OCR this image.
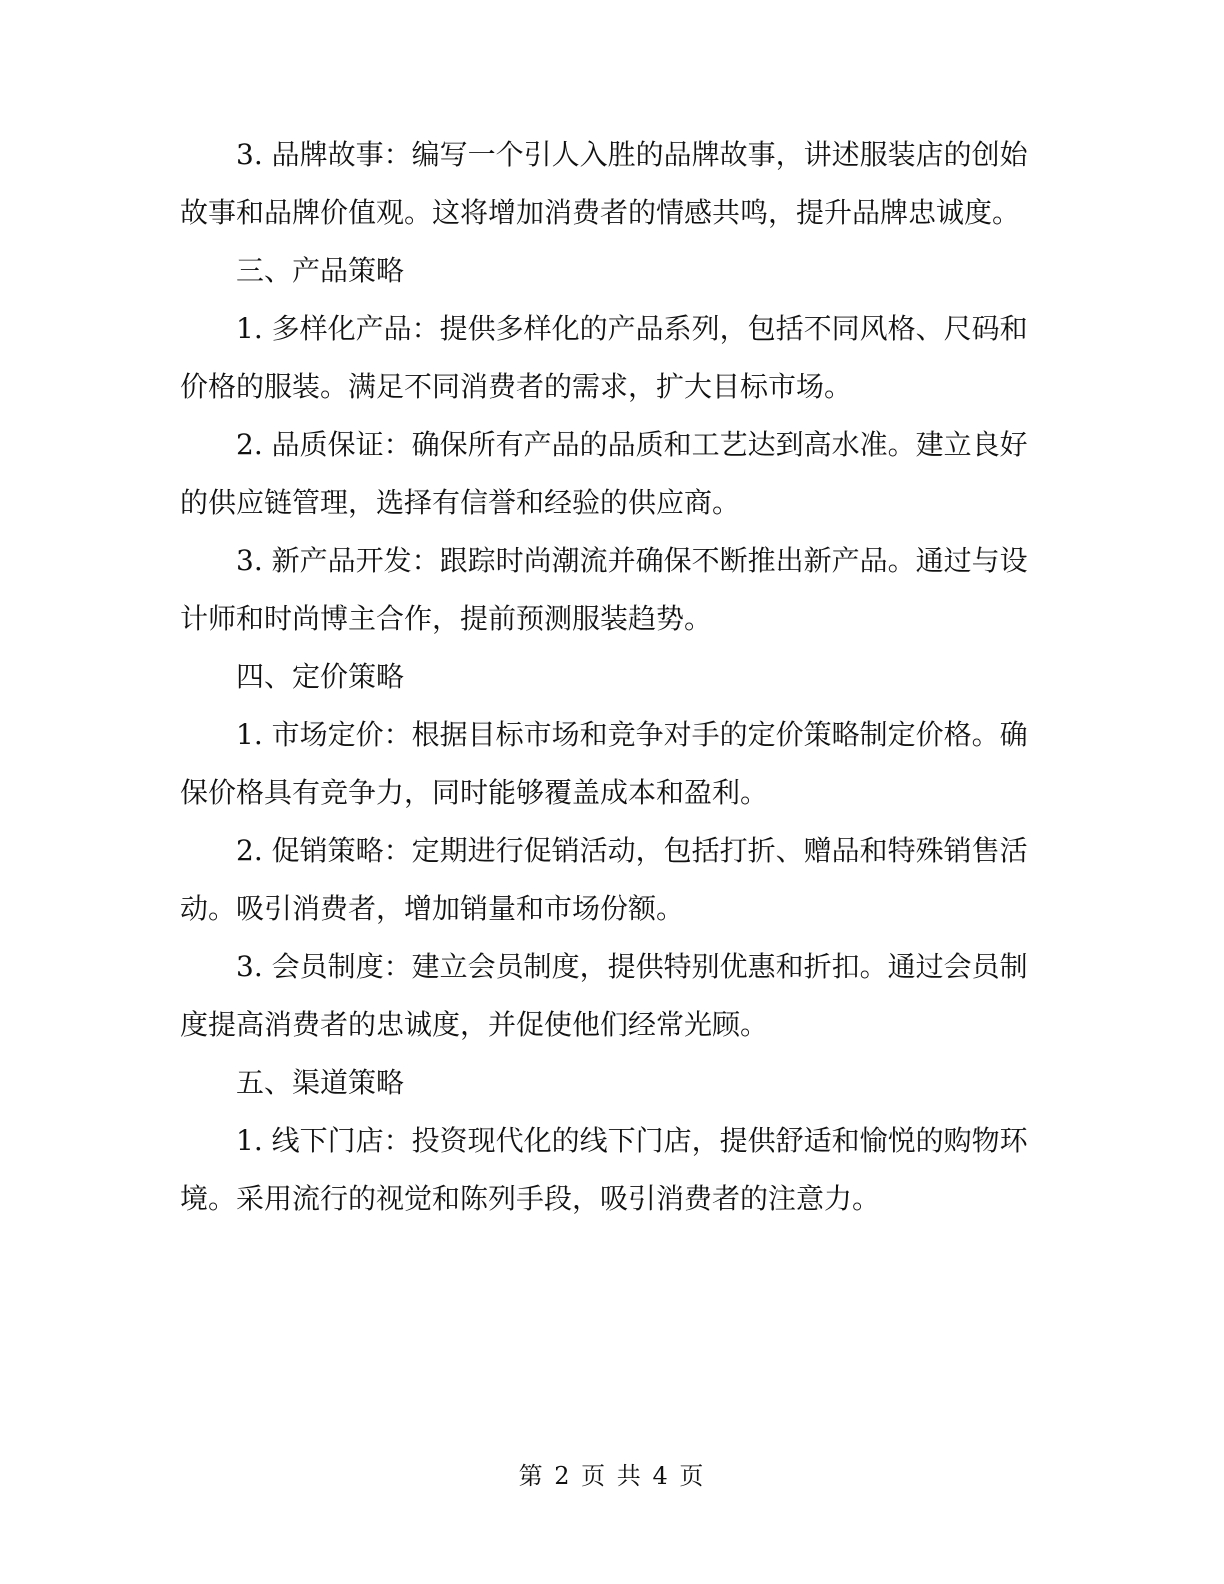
3. 品牌故事：编写一个引人入胜的品牌故事，讲述服装店的创始故事和品牌价值观。这将增加消费者的情感共鸣，提升品牌忠诚度。

三、产品策略

1. 多样化产品：提供多样化的产品系列，包括不同风格、尺码和价格的服装。满足不同消费者的需求，扩大目标市场。

2. 品质保证：确保所有产品的品质和工艺达到高水准。建立良好的供应链管理，选择有信誉和经验的供应商。

3. 新产品开发：跟踪时尚潮流并确保不断推出新产品。通过与设计师和时尚博主合作，提前预测服装趋势。

四、定价策略

1. 市场定价：根据目标市场和竞争对手的定价策略制定价格。确保价格具有竞争力，同时能够覆盖成本和盈利。

2. 促销策略：定期进行促销活动，包括打折、赠品和特殊销售活动。吸引消费者，增加销量和市场份额。

3. 会员制度：建立会员制度，提供特别优惠和折扣。通过会员制度提高消费者的忠诚度，并促使他们经常光顾。

五、渠道策略

1. 线下门店：投资现代化的线下门店，提供舒适和愉悦的购物环境。采用流行的视觉和陈列手段，吸引消费者的注意力。

第 2 页 共 4 页
